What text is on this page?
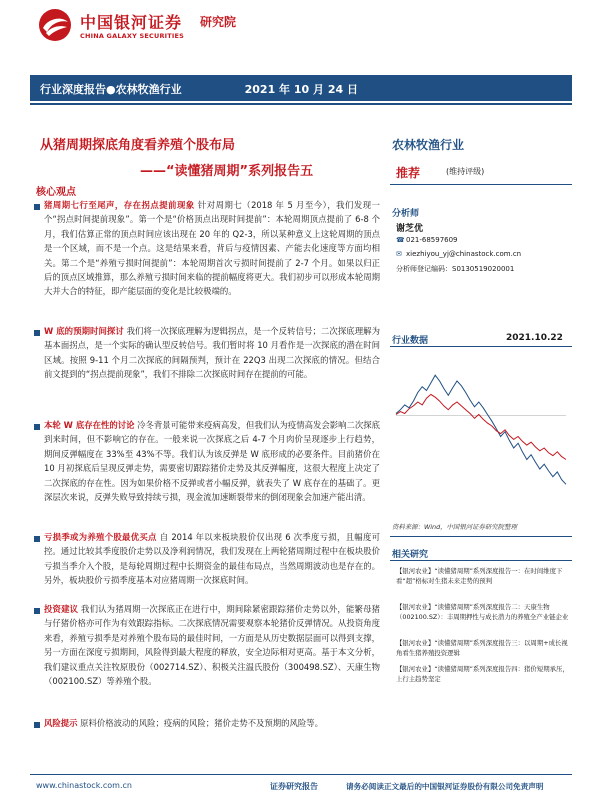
中国银河证券
CHINA GALAXY SECURITIES
研究院
行业深度报告●农林牧渔行业	2021 年 10 月 24 日
从猪周期探底角度看养殖个股布局
——“读懂猪周期”系列报告五
核心观点
猪周期七行至尾声，存在拐点提前现象 针对周期七（2018 年 5 月至今），我们发现一个“拐点时间提前现象”。第一个是“价格顶点出现时间提前”：本轮周期顶点提前了 6-8 个月，我们估算正常的顶点时间应该出现在 20 年的 Q2-3，所以某种意义上这轮周期的顶点是一个区域，而不是一个点。这是结果来看，背后与疫情因素、产能去化速度等方面均相关。第二个是“养殖亏损时间提前”：本轮周期首次亏损时间提前了 2-7 个月。如果以归正后的顶点区域推算，那么养殖亏损时间来临的提前幅度将更大。我们初步可以形成本轮周期大并大合的特征，即产能层面的变化是比较极端的。
W 底的预期时间探讨 我们将一次探底理解为逻辑拐点，是一个反转信号；二次探底理解为基本面拐点，是一个实际的确认型反转信号。我们暂时将 10 月看作是一次探底的潜在时间区域。按照 9-11 个月二次探底的间隔预判，预计在 22Q3 出现二次探底的情况。但结合前文提到的“拐点提前现象”，我们不排除二次探底时间存在提前的可能。
本轮 W 底存在性的讨论 冷冬背景可能带来疫病高发，但我们认为疫情高发会影响二次探底到来时间，但不影响它的存在。一般来说一次探底之后 4-7 个月肉价呈现逐步上行趋势，期间反弹幅度在 33%至 43%不等。我们认为该反弹是 W 底形成的必要条件。目前猪价在 10 月初探底后呈现反弹走势，需要密切跟踪猪价走势及其反弹幅度，这很大程度上决定了二次探底的存在性。因为如果价格不反弹或者小幅反弹，就表失了 W 底存在的基础了。更深层次来说，反弹失败导致持续亏损，现金流加速断裂带来的倒闭现象会加速产能出清。
亏损季或为养殖个股最优买点 自 2014 年以来板块股价仅出现 6 次季度亏损，且幅度可控。通过比较其季度股价走势以及净利润情况，我们发现在上两轮猪周期过程中在板块股价亏损当季介入个股，是每轮周期过程中长期资金的最佳布局点，当然周期波动也是存在的。另外，板块股价亏损季度基本对应猪周期一次探底时间。
投资建议 我们认为猪周期一次探底正在进行中，期间除紧密跟踪猪价走势以外，能繁母猪与仔猪价格亦可作为有效跟踪指标。二次探底情况需要观察本轮猪价反弹情况。从投资角度来看，养殖亏损季是对养殖个股布局的最佳时间，一方面是从历史数据层面可以得到支撑，另一方面在深度亏损期间，风险得到最大程度的释放，安全边际相对更高。基于本文分析，我们建议重点关注牧原股份（002714.SZ）、积极关注温氏股份（300498.SZ）、天康生物（002100.SZ）等养殖个股。
风险提示 原料价格波动的风险；疫病的风险；猪价走势不及预期的风险等。
农林牧渔行业
推荐	(维持评级)
分析师
谢芝优
☎021-68597609
✉ xiezhiyou_yj@chinastock.com.cn
分析师登记编码：S0130519020001
行业数据	2021.10.22
资料来源：Wind，中国银河证券研究院整理
相关研究
【银河农业】“读懂猪周期”系列深度报告一：在时间维度下看“超”格标对生猪未来走势的预判
【银河农业】“读懂猪周期”系列深度报告二：天康生物（002100.SZ）：丰周期押性与成长潜力的养殖全产业链企业
【银河农业】“读懂猪周期”系列深度报告三：以周期+成长视角看生猪养殖投资逻辑
【银河农业】“读懂猪周期”系列深度报告四：猪价短期承压，上行主趋势坚定
www.chinastock.com.cn	证券研究报告	请务必阅读正文最后的中国银河证券股份有限公司免责声明
